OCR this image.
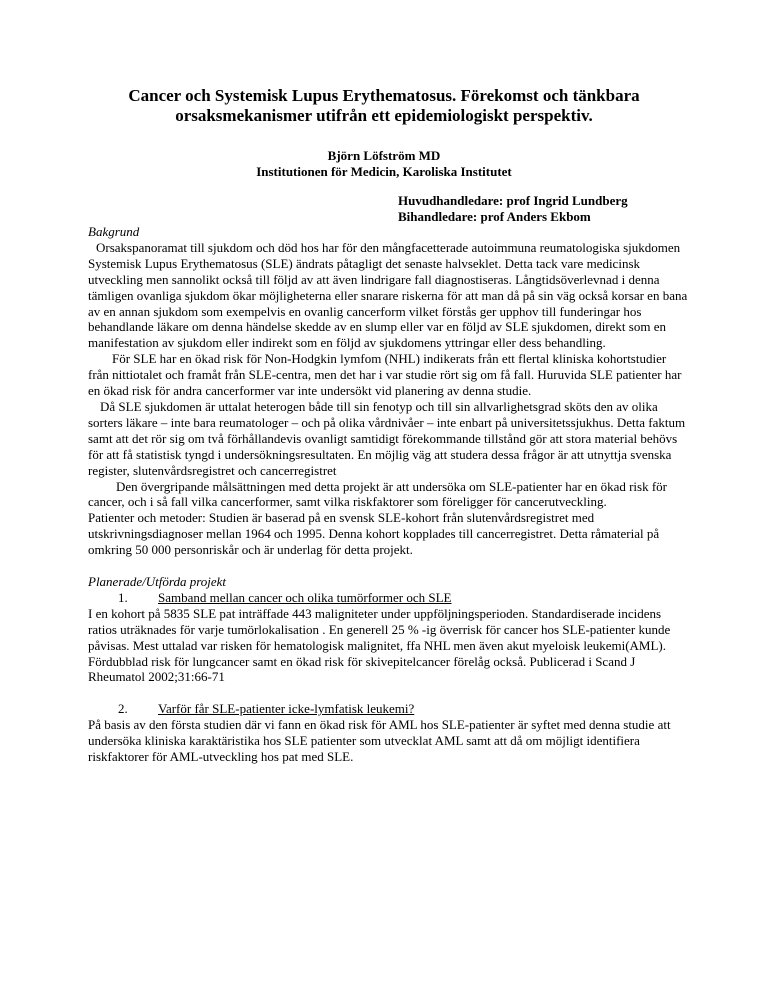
Cancer och Systemisk Lupus Erythematosus. Förekomst och tänkbara
orsaksmekanismer utifrån ett epidemiologiskt perspektiv.
Björn Löfström MD
Institutionen för Medicin, Karoliska Institutet
Huvudhandledare: prof Ingrid Lundberg
Bihandledare: prof Anders Ekbom

Bakgrund

Orsakspanoramat till sjukdom och död hos har för den mångfacetterade autoimmuna reumatologiska sjukdomen Systemisk Lupus Erythematosus (SLE) ändrats påtagligt det senaste halvseklet. Detta tack vare medicinsk utveckling men sannolikt också till följd av att även lindrigare fall diagnostiseras. Långtidsöverlevnad i denna tämligen ovanliga sjukdom ökar möjligheterna eller snarare riskerna för att man då på sin väg också korsar en bana av en annan sjukdom som exempelvis en ovanlig cancerform vilket förstås ger upphov till funderingar hos behandlande läkare om denna händelse skedde av en slump eller var en följd av SLE sjukdomen, direkt som en manifestation av sjukdom eller indirekt som en följd av sjukdomens yttringar eller dess behandling.

För SLE har en ökad risk för Non-Hodgkin lymfom (NHL) indikerats från ett flertal kliniska kohortstudier från nittiotalet och framåt från SLE-centra, men det har i var studie rört sig om få fall. Huruvida SLE patienter har en ökad risk för andra cancerformer var inte undersökt vid planering av denna studie.

Då SLE sjukdomen är uttalat heterogen både till sin fenotyp och till sin allvarlighetsgrad sköts den av olika sorters läkare – inte bara reumatologer – och på olika vårdnivåer – inte enbart på universitetssjukhus. Detta faktum samt att det rör sig om två förhållandevis ovanligt samtidigt förekommande tillstånd gör att stora material behövs för att få statistisk tyngd i undersökningsresultaten. En möjlig väg att studera dessa frågor är att utnyttja svenska register, slutenvårdsregistret och cancerregistret

Den övergripande målsättningen med detta projekt är att undersöka om SLE-patienter har en ökad risk för cancer, och i så fall vilka cancerformer, samt vilka riskfaktorer som föreligger för cancerutveckling.

Patienter och metoder: Studien är baserad på en svensk SLE-kohort från slutenvårdsregistret med utskrivningsdiagnoser mellan 1964 och 1995. Denna kohort kopplades till cancerregistret. Detta råmaterial på omkring 50 000 personriskår och är underlag för detta projekt.

Planerade/Utförda projekt

1. Samband mellan cancer och olika tumörformer och SLE

I en kohort på 5835 SLE pat inträffade 443 maligniteter under uppföljningsperioden. Standardiserade incidens ratios uträknades för varje tumörlokalisation . En generell 25 % -ig överrisk för cancer hos SLE-patienter kunde påvisas. Mest uttalad var risken för hematologisk malignitet, ffa NHL men även akut myeloisk leukemi(AML). Fördubblad risk för lungcancer samt en ökad risk för skivepitelcancer förelåg också. Publicerad i Scand J Rheumatol 2002;31:66-71

2. Varför får SLE-patienter icke-lymfatisk leukemi?

På basis av den första studien där vi fann en ökad risk för AML hos SLE-patienter är syftet med denna studie att undersöka kliniska karaktäristika hos SLE patienter som utvecklat AML samt att då om möjligt identifiera riskfaktorer för AML-utveckling hos pat med SLE.
